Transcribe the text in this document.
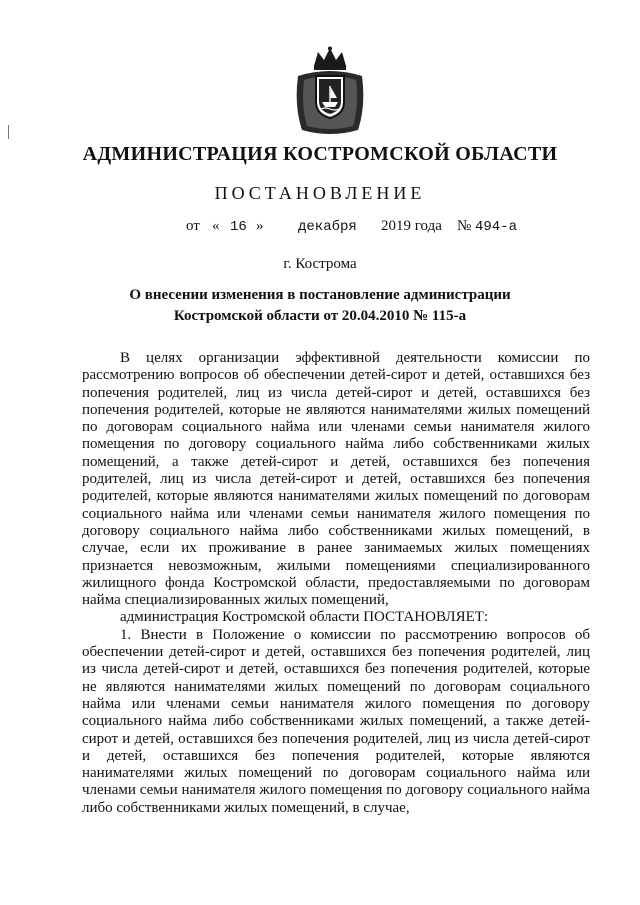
АДМИНИСТРАЦИЯ КОСТРОМСКОЙ ОБЛАСТИ
ПОСТАНОВЛЕНИЕ
от « 16 » декабря 2019 года № 494-а
г. Кострома
О внесении изменения в постановление администрации
Костромской области от 20.04.2010 № 115-а

В целях организации эффективной деятельности комиссии по рассмотрению вопросов об обеспечении детей-сирот и детей, оставшихся без попечения родителей, лиц из числа детей-сирот и детей, оставшихся без попечения родителей, которые не являются нанимателями жилых помещений по договорам социального найма или членами семьи нанимателя жилого помещения по договору социального найма либо собственниками жилых помещений, а также детей-сирот и детей, оставшихся без попечения родителей, лиц из числа детей-сирот и детей, оставшихся без попечения родителей, которые являются нанимателями жилых помещений по договорам социального найма или членами семьи нанимателя жилого помещения по договору социального найма либо собственниками жилых помещений, в случае, если их проживание в ранее занимаемых жилых помещениях признается невозможным, жилыми помещениями специализированного жилищного фонда Костромской области, предоставляемыми по договорам найма специализированных жилых помещений,

администрация Костромской области ПОСТАНОВЛЯЕТ:

1. Внести в Положение о комиссии по рассмотрению вопросов об обеспечении детей-сирот и детей, оставшихся без попечения родителей, лиц из числа детей-сирот и детей, оставшихся без попечения родителей, которые не являются нанимателями жилых помещений по договорам социального найма или членами семьи нанимателя жилого помещения по договору социального найма либо собственниками жилых помещений, а также детей-сирот и детей, оставшихся без попечения родителей, лиц из числа детей-сирот и детей, оставшихся без попечения родителей, которые являются нанимателями жилых помещений по договорам социального найма или членами семьи нанимателя жилого помещения по договору социального найма либо собственниками жилых помещений, в случае,
